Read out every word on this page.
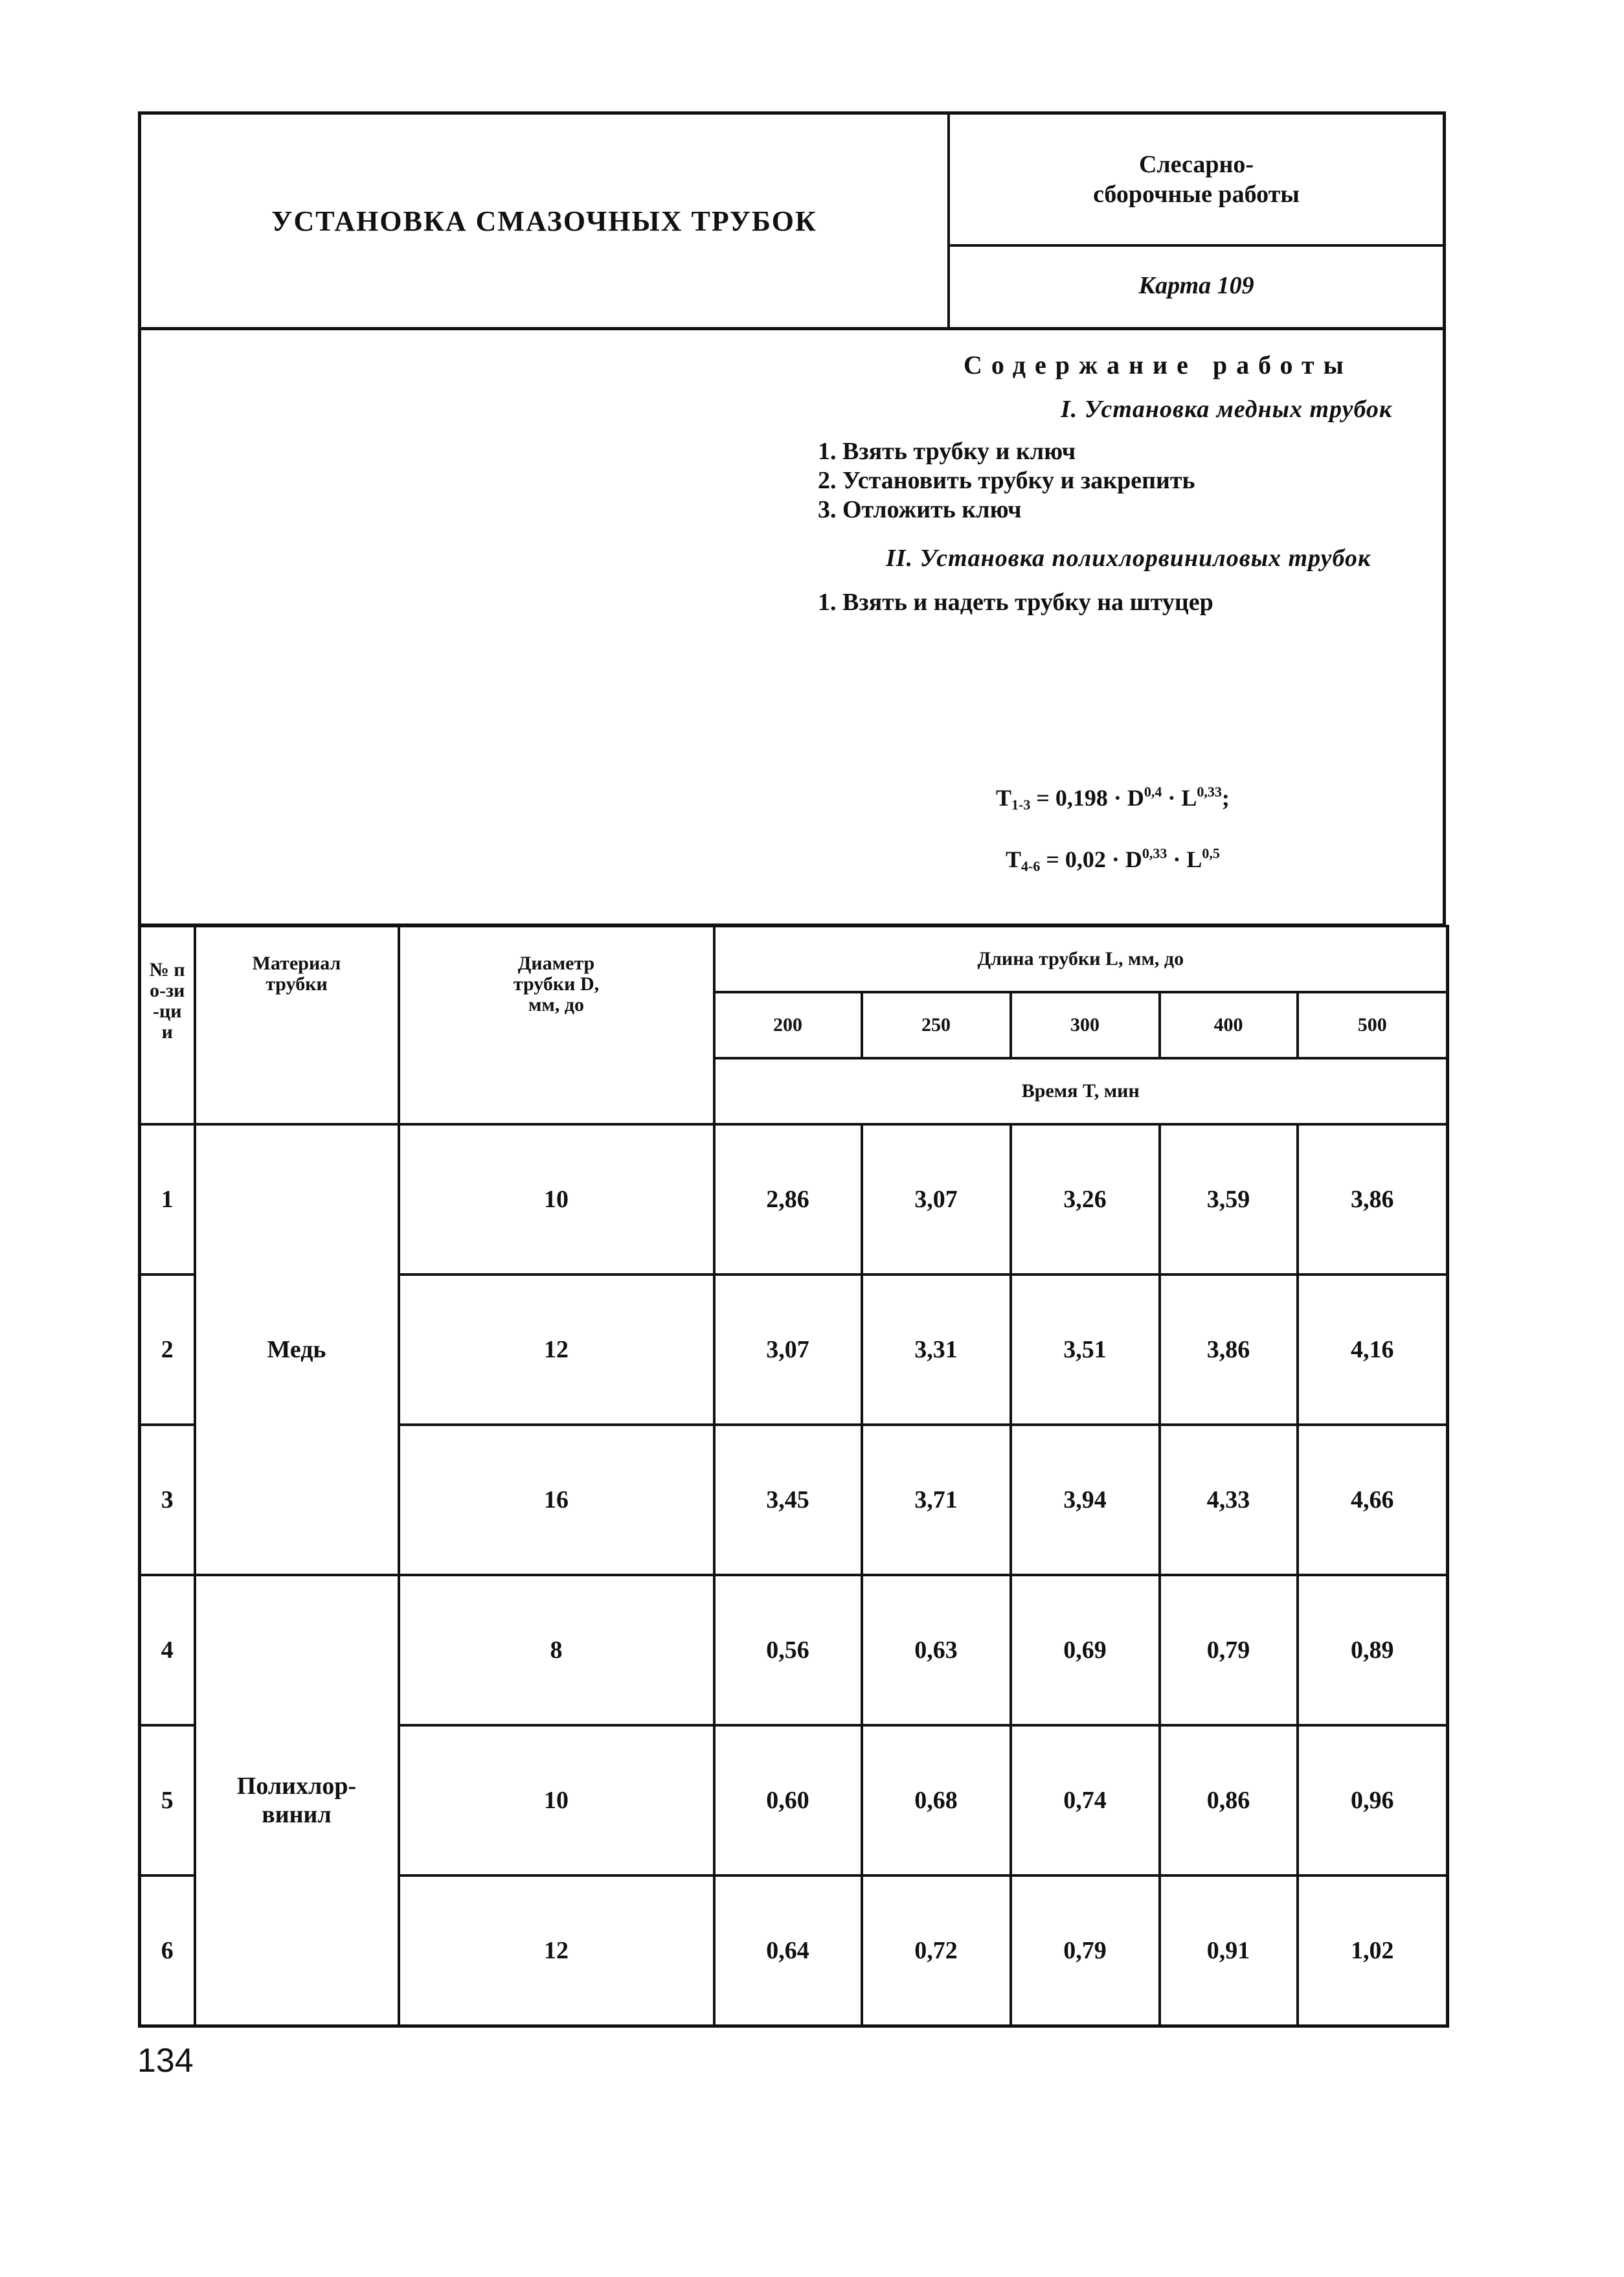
УСТАНОВКА СМАЗОЧНЫХ ТРУБОК
Слесарно-сборочные работы
Карта 109
Содержание работы
I. Установка медных трубок
1. Взять трубку и ключ
2. Установить трубку и закрепить
3. Отложить ключ
II. Установка полихлорвиниловых трубок
1. Взять и надеть трубку на штуцер
$T_{1-3} = 0,198 \cdot D^{0,4} \cdot L^{0,33}$;
$T_{4-6} = 0,02 \cdot D^{0,33} \cdot L^{0,5}$
№ по-зи-ции	Материал трубки	Диаметр трубки D, мм, до	Длина трубки L, мм, до				
			200	250	300	400	500
			Время T, мин				
1	Медь	10	2,86	3,07	3,26	3,59	3,86
2		12	3,07	3,31	3,51	3,86	4,16
3		16	3,45	3,71	3,94	4,33	4,66
4	Полихлор-винил	8	0,56	0,63	0,69	0,79	0,89
5		10	0,60	0,68	0,74	0,86	0,96
6		12	0,64	0,72	0,79	0,91	1,02
134
